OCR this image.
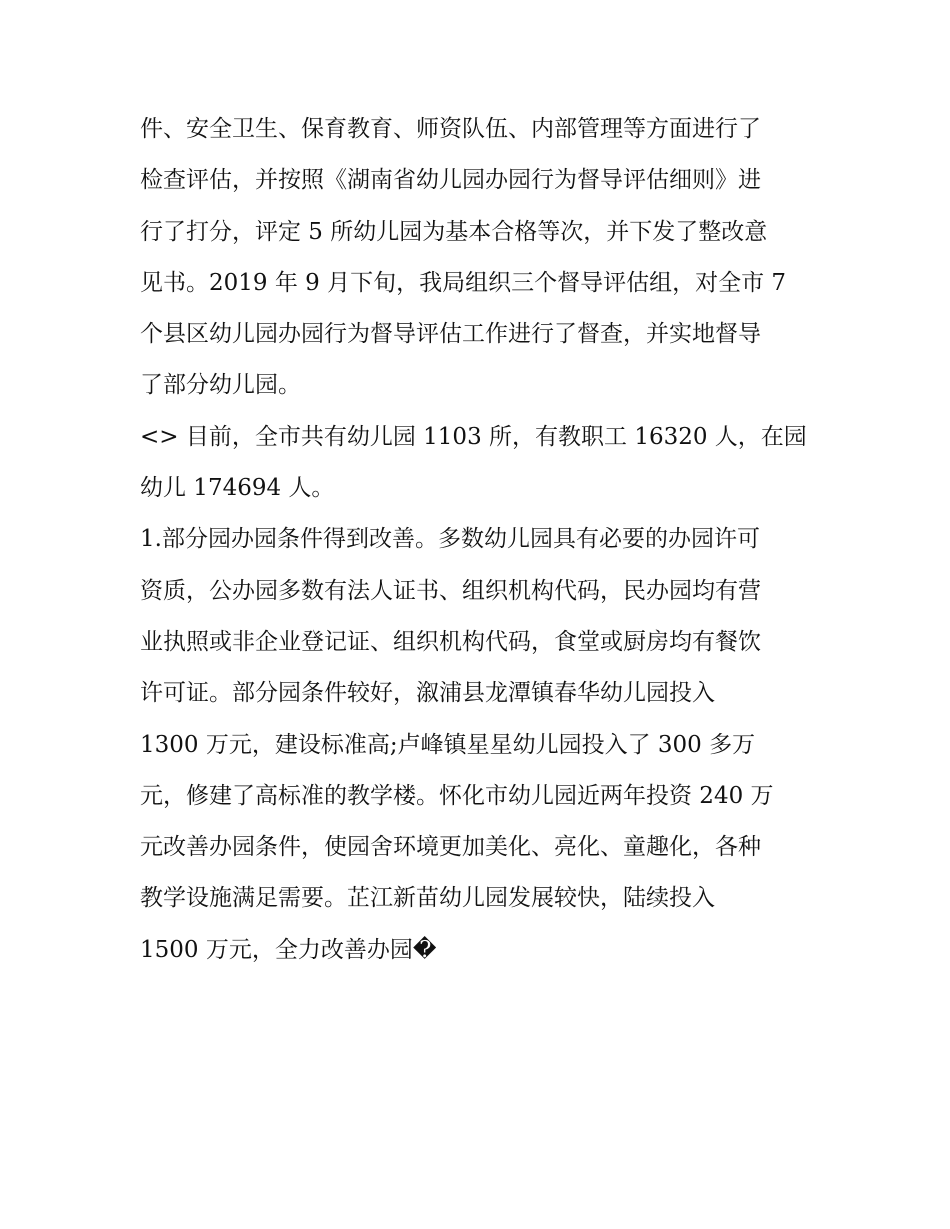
件、安全卫生、保育教育、师资队伍、内部管理等方面进行了
检查评估，并按照《湖南省幼儿园办园行为督导评估细则》进
行了打分，评定 5 所幼儿园为基本合格等次，并下发了整改意
见书。2019 年 9 月下旬，我局组织三个督导评估组，对全市 7
个县区幼儿园办园行为督导评估工作进行了督查，并实地督导
了部分幼儿园。
<> 目前，全市共有幼儿园 1103 所，有教职工 16320 人，在园
幼儿 174694 人。
1.部分园办园条件得到改善。多数幼儿园具有必要的办园许可
资质，公办园多数有法人证书、组织机构代码，民办园均有营
业执照或非企业登记证、组织机构代码，食堂或厨房均有餐饮
许可证。部分园条件较好，溆浦县龙潭镇春华幼儿园投入
1300 万元，建设标准高;卢峰镇星星幼儿园投入了 300 多万
元，修建了高标准的教学楼。怀化市幼儿园近两年投资 240 万
元改善办园条件，使园舍环境更加美化、亮化、童趣化，各种
教学设施满足需要。芷江新苗幼儿园发展较快，陆续投入
1500 万元，全力改善办园�
